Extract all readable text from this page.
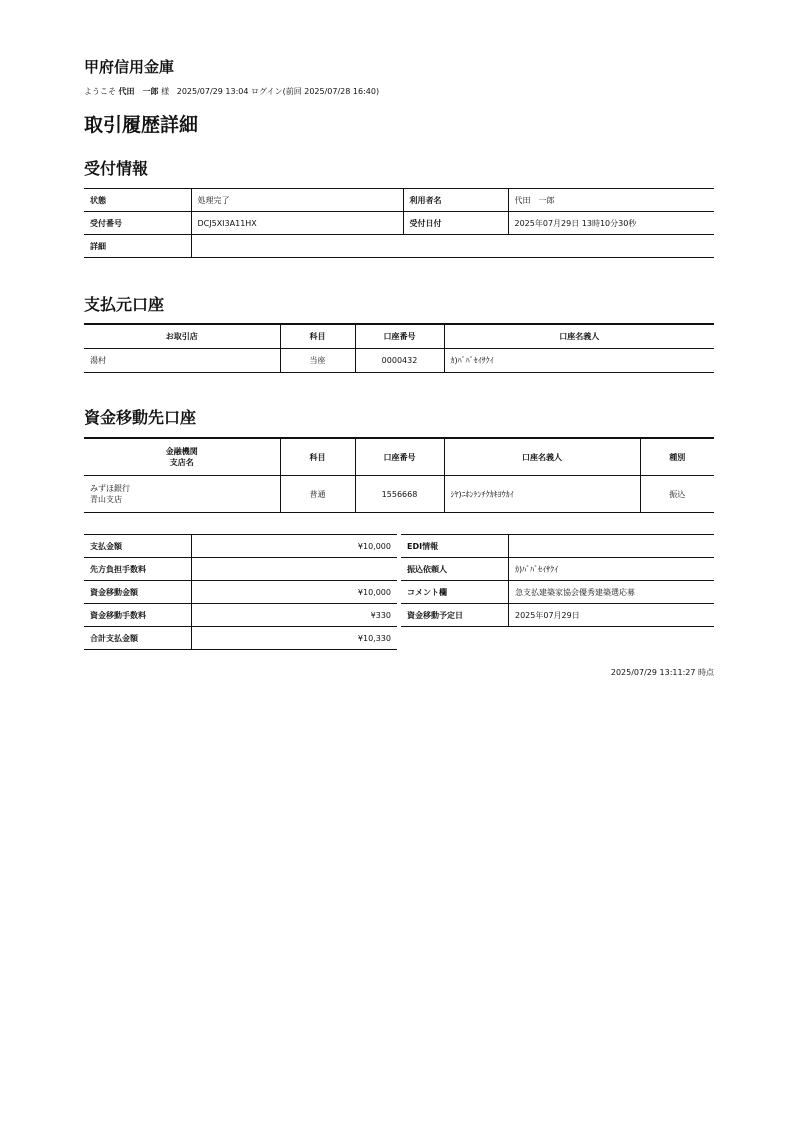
甲府信用金庫
ようこそ 代田　一郎 様 2025/07/29 13:04 ログイン(前回 2025/07/28 16:40)
取引履歴詳細
受付情報
状態	処理完了	利用者名	代田　一郎
受付番号	DCJ5XI3A11HX	受付日付	2025年07月29日 13時10分30秒
詳細			
支払元口座
お取引店	科目	口座番号	口座名義人
湯村	当座	0000432	ｶ)ﾊﾞﾊﾞｾｲｻｸｲ
資金移動先口座
金融機関
支店名	科目	口座番号	口座名義人	種別

みずほ銀行
青山支店	普通	1556668	ｼﾔ)ﾆﾎﾝｹﾝﾁｸｶｷﾖｳｶｲ	振込
支払金額	¥10,000
先方負担手数料	
資金移動金額	¥10,000
資金移動手数料	¥330
合計支払金額	¥10,330
EDI情報	
振込依頼人	ｶ)ﾊﾞﾊﾞｾｲｻｸｲ
コメント欄	急支払建築家協会優秀建築選応募
資金移動予定日	2025年07月29日
2025/07/29 13:11:27 時点
